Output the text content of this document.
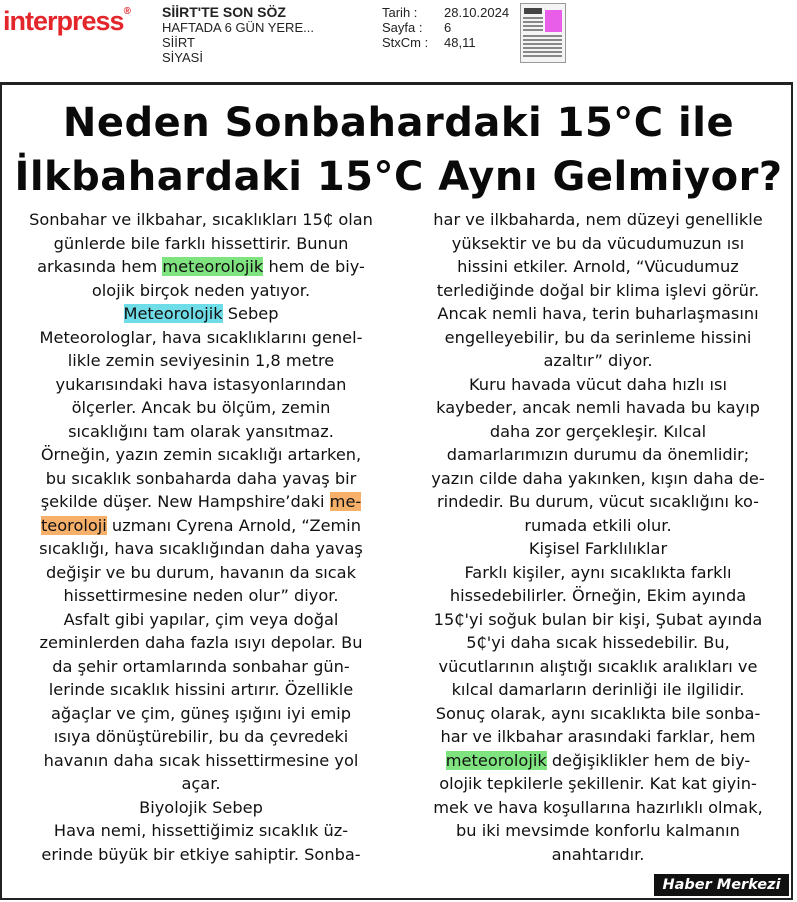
interpress® SİİRT'TE SON SÖZ
HAFTADA 6 GÜN YERE...
SİİRT
SİYASİ
Tarih :	28.10.2024
Sayfa :	6
StxCm :	48,11
Neden Sonbahardaki 15°C ile
İlkbahardaki 15°C Aynı Gelmiyor?
Sonbahar ve ilkbahar, sıcaklıkları 15₵ olan
günlerde bile farklı hissettirir. Bunun
arkasında hem meteorolojik hem de biy-
olojik birçok neden yatıyor.
Meteorolojik Sebep
Meteorologlar, hava sıcaklıklarını genel-
likle zemin seviyesinin 1,8 metre
yukarısındaki hava istasyonlarından
ölçerler. Ancak bu ölçüm, zemin
sıcaklığını tam olarak yansıtmaz.
Örneğin, yazın zemin sıcaklığı artarken,
bu sıcaklık sonbaharda daha yavaş bir
şekilde düşer. New Hampshire’daki me-
teoroloji uzmanı Cyrena Arnold, “Zemin
sıcaklığı, hava sıcaklığından daha yavaş
değişir ve bu durum, havanın da sıcak
hissettirmesine neden olur” diyor.
Asfalt gibi yapılar, çim veya doğal
zeminlerden daha fazla ısıyı depolar. Bu
da şehir ortamlarında sonbahar gün-
lerinde sıcaklık hissini artırır. Özellikle
ağaçlar ve çim, güneş ışığını iyi emip
ısıya dönüştürebilir, bu da çevredeki
havanın daha sıcak hissettirmesine yol
açar.
Biyolojik Sebep
Hava nemi, hissettiğimiz sıcaklık üz-
erinde büyük bir etkiye sahiptir. Sonba-
har ve ilkbaharda, nem düzeyi genellikle
yüksektir ve bu da vücudumuzun ısı
hissini etkiler. Arnold, “Vücudumuz
terlediğinde doğal bir klima işlevi görür.
Ancak nemli hava, terin buharlaşmasını
engelleyebilir, bu da serinleme hissini
azaltır” diyor.
Kuru havada vücut daha hızlı ısı
kaybeder, ancak nemli havada bu kayıp
daha zor gerçekleşir. Kılcal
damarlarımızın durumu da önemlidir;
yazın cilde daha yakınken, kışın daha de-
rindedir. Bu durum, vücut sıcaklığını ko-
rumada etkili olur.
Kişisel Farklılıklar
Farklı kişiler, aynı sıcaklıkta farklı
hissedebilirler. Örneğin, Ekim ayında
15₵'yi soğuk bulan bir kişi, Şubat ayında
5₵'yi daha sıcak hissedebilir. Bu,
vücutlarının alıştığı sıcaklık aralıkları ve
kılcal damarların derinliği ile ilgilidir.
Sonuç olarak, aynı sıcaklıkta bile sonba-
har ve ilkbahar arasındaki farklar, hem
meteorolojik değişiklikler hem de biy-
olojik tepkilerle şekillenir. Kat kat giyin-
mek ve hava koşullarına hazırlıklı olmak,
bu iki mevsimde konforlu kalmanın
anahtarıdır.
Haber Merkezi
